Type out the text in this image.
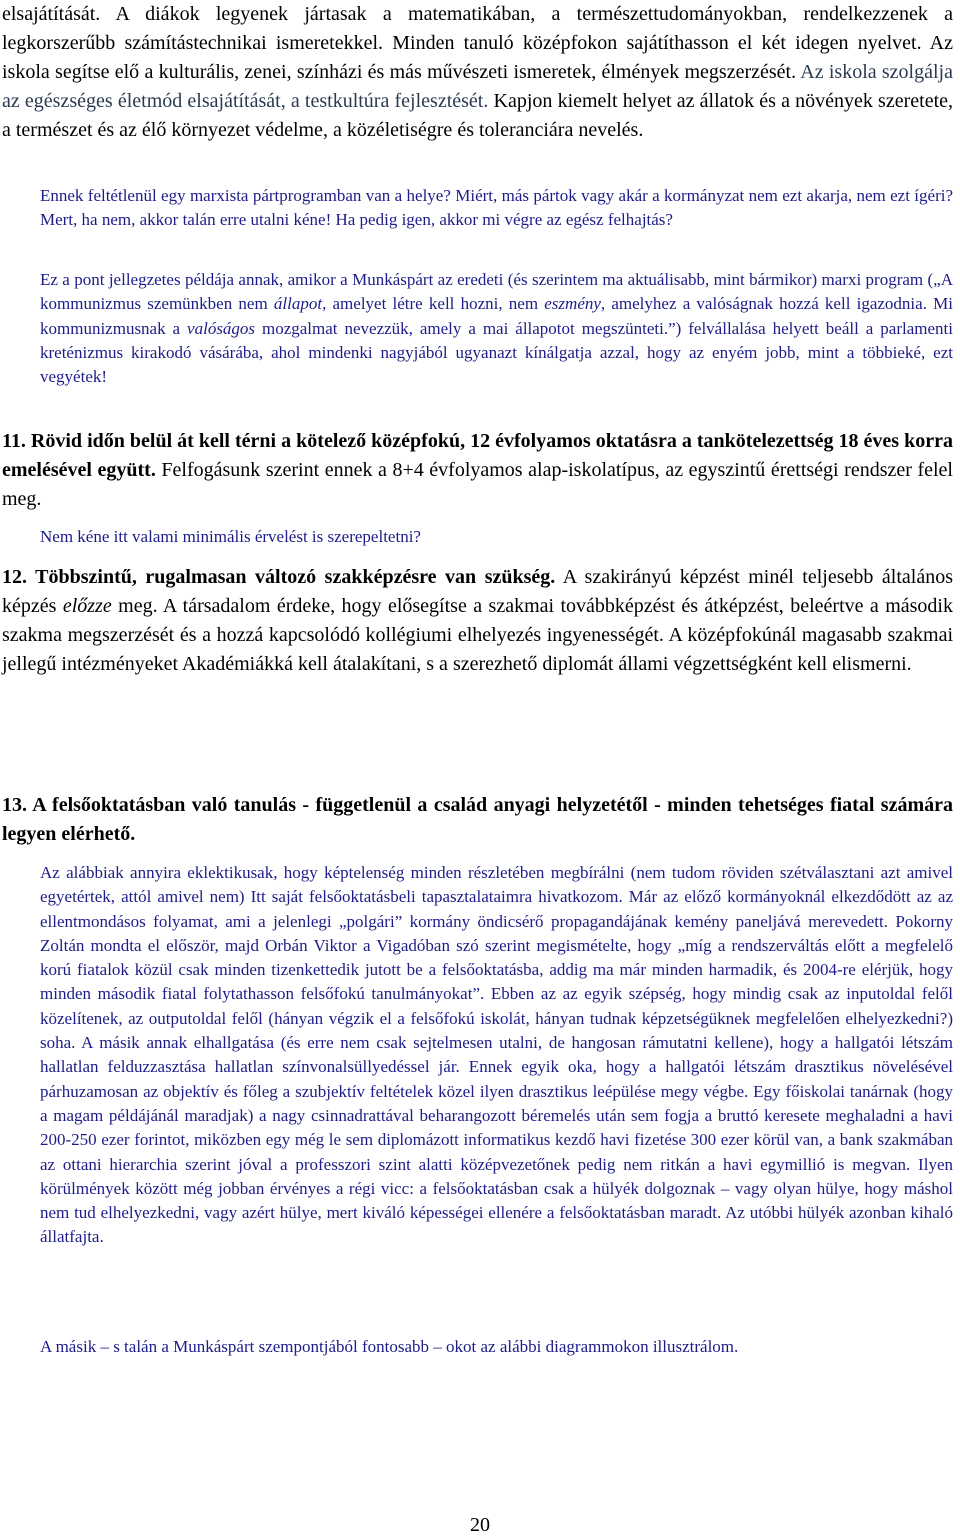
elsajátítását. A diákok legyenek jártasak a matematikában, a természettudományokban, rendelkezzenek a legkorszerűbb számítástechnikai ismeretekkel. Minden tanuló középfokon sajátíthasson el két idegen nyelvet. Az iskola segítse elő a kulturális, zenei, színházi és más művészeti ismeretek, élmények megszerzését. Az iskola szolgálja az egészséges életmód elsajátítását, a testkultúra fejlesztését. Kapjon kiemelt helyet az állatok és a növények szeretete, a természet és az élő környezet védelme, a közéletiségre és toleranciára nevelés.

Ennek feltétlenül egy marxista pártprogramban van a helye? Miért, más pártok vagy akár a kormányzat nem ezt akarja, nem ezt ígéri? Mert, ha nem, akkor talán erre utalni kéne! Ha pedig igen, akkor mi végre az egész felhajtás?

Ez a pont jellegzetes példája annak, amikor a Munkáspárt az eredeti (és szerintem ma aktuálisabb, mint bármikor) marxi program („A kommunizmus szemünkben nem állapot, amelyet létre kell hozni, nem eszmény, amelyhez a valóságnak hozzá kell igazodnia. Mi kommunizmusnak a valóságos mozgalmat nevezzük, amely a mai állapotot megszünteti.”) felvállalása helyett beáll a parlamenti kreténizmus kirakodó vásárába, ahol mindenki nagyjából ugyanazt kínálgatja azzal, hogy az enyém jobb, mint a többieké, ezt vegyétek!

11. Rövid időn belül át kell térni a kötelező középfokú, 12 évfolyamos oktatásra a tankötelezettség 18 éves korra emelésével együtt. Felfogásunk szerint ennek a 8+4 évfolyamos alap-iskolatípus, az egyszintű érettségi rendszer felel meg.

Nem kéne itt valami minimális érvelést is szerepeltetni?

12. Többszintű, rugalmasan változó szakképzésre van szükség. A szakirányú képzést minél teljesebb általános képzés előzze meg. A társadalom érdeke, hogy elősegítse a szakmai továbbképzést és átképzést, beleértve a második szakma megszerzését és a hozzá kapcsolódó kollégiumi elhelyezés ingyenességét. A középfokúnál magasabb szakmai jellegű intézményeket Akadémiákká kell átalakítani, s a szerezhető diplomát állami végzettségként kell elismerni.

13. A felsőoktatásban való tanulás - függetlenül a család anyagi helyzetétől - minden tehetséges fiatal számára legyen elérhető.

Az alábbiak annyira eklektikusak, hogy képtelenség minden részletében megbírálni (nem tudom röviden szétválasztani azt amivel egyetértek, attól amivel nem) Itt saját felsőoktatásbeli tapasztalataimra hivatkozom. Már az előző kormányoknál elkezdődött az az ellentmondásos folyamat, ami a jelenlegi „polgári” kormány öndicsérő propagandájának kemény paneljává merevedett. Pokorny Zoltán mondta el először, majd Orbán Viktor a Vigadóban szó szerint megismételte, hogy „míg a rendszerváltás előtt a megfelelő korú fiatalok közül csak minden tizenkettedik jutott be a felsőoktatásba, addig ma már minden harmadik, és 2004-re elérjük, hogy minden második fiatal folytathasson felsőfokú tanulmányokat”. Ebben az az egyik szépség, hogy mindig csak az inputoldal felől közelítenek, az outputoldal felől (hányan végzik el a felsőfokú iskolát, hányan tudnak képzetségüknek megfelelően elhelyezkedni?) soha. A másik annak elhallgatása (és erre nem csak sejtelmesen utalni, de hangosan rámutatni kellene), hogy a hallgatói létszám hallatlan felduzzasztása hallatlan színvonalsüllyedéssel jár. Ennek egyik oka, hogy a hallgatói létszám drasztikus növelésével párhuzamosan az objektív és főleg a szubjektív feltételek közel ilyen drasztikus leépülése megy végbe. Egy főiskolai tanárnak (hogy a magam példájánál maradjak) a nagy csinnadrattával beharangozott béremelés után sem fogja a bruttó keresete meghaladni a havi 200-250 ezer forintot, miközben egy még le sem diplomázott informatikus kezdő havi fizetése 300 ezer körül van, a bank szakmában az ottani hierarchia szerint jóval a professzori szint alatti középvezetőnek pedig nem ritkán a havi egymillió is megvan. Ilyen körülmények között még jobban érvényes a régi vicc: a felsőoktatásban csak a hülyék dolgoznak – vagy olyan hülye, hogy máshol nem tud elhelyezkedni, vagy azért hülye, mert kiváló képességei ellenére a felsőoktatásban maradt. Az utóbbi hülyék azonban kihaló állatfajta.

A másik – s talán a Munkáspárt szempontjából fontosabb – okot az alábbi diagrammokon illusztrálom.

20
